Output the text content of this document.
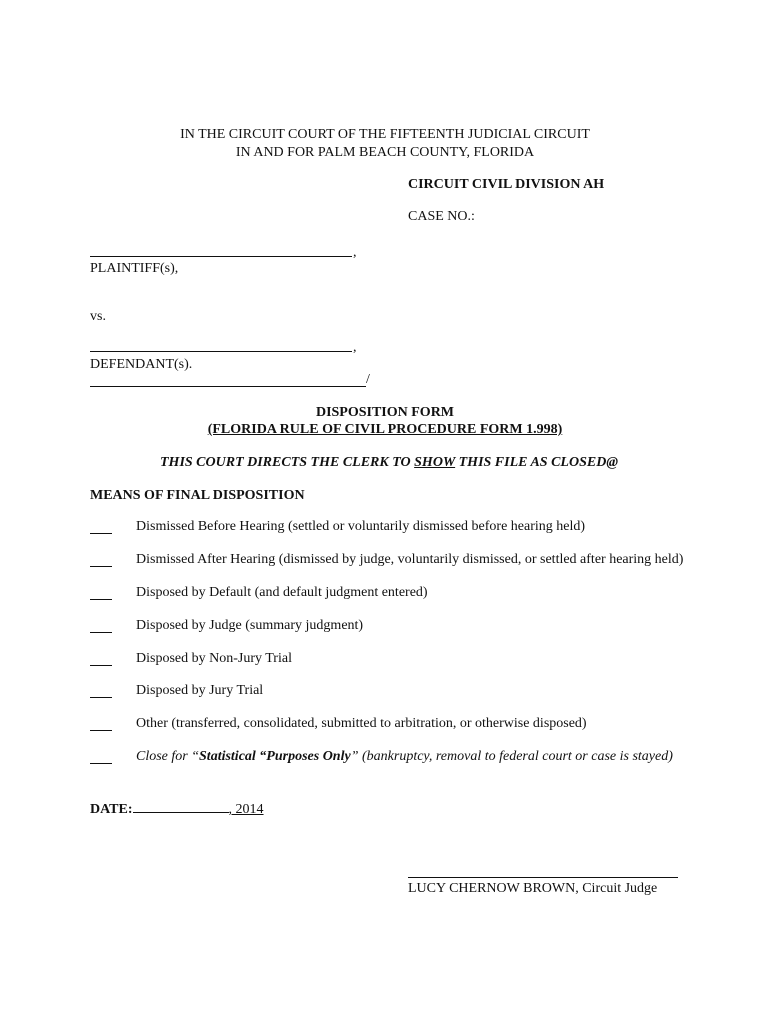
IN THE CIRCUIT COURT OF THE FIFTEENTH JUDICIAL CIRCUIT
IN AND FOR PALM BEACH COUNTY, FLORIDA
CIRCUIT CIVIL DIVISION AH
CASE NO.:
,
PLAINTIFF(s),
vs.
,
DEFENDANT(s).
/
DISPOSITION FORM
(FLORIDA RULE OF CIVIL PROCEDURE FORM 1.998)
THIS COURT DIRECTS THE CLERK TO SHOW THIS FILE AS CLOSED@
MEANS OF FINAL DISPOSITION
Dismissed Before Hearing (settled or voluntarily dismissed before hearing held)
Dismissed After Hearing (dismissed by judge, voluntarily dismissed, or settled after hearing held)
Disposed by Default (and default judgment entered)
Disposed by Judge (summary judgment)
Disposed by Non-Jury Trial
Disposed by Jury Trial
Other (transferred, consolidated, submitted to arbitration, or otherwise disposed)
Close for “Statistical “Purposes Only” (bankruptcy, removal to federal court or case is stayed)
DATE:	, 2014
LUCY CHERNOW BROWN, Circuit Judge
